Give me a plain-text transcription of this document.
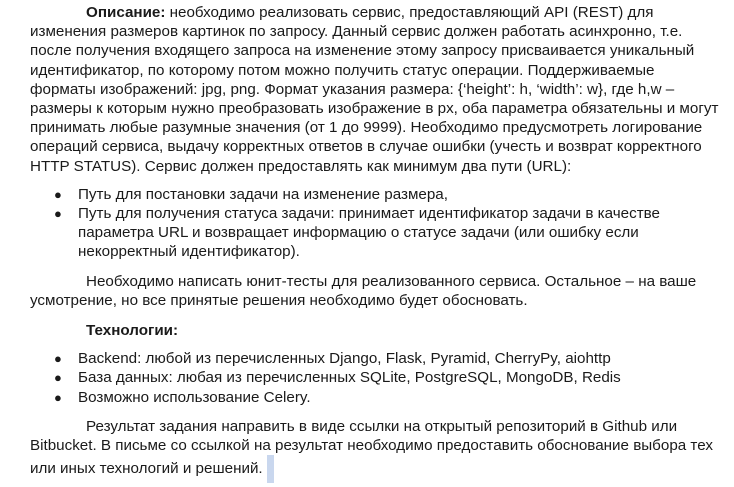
Описание: необходимо реализовать сервис, предоставляющий API (REST) для изменения размеров картинок по запросу. Данный сервис должен работать асинхронно, т.е. после получения входящего запроса на изменение этому запросу присваивается уникальный идентификатор, по которому потом можно получить статус операции. Поддерживаемые форматы изображений: jpg, png. Формат указания размера: {‘height’: h, ‘width’: w}, где h,w – размеры к которым нужно преобразовать изображение в px, оба параметра обязательны и могут принимать любые разумные значения (от 1 до 9999). Необходимо предусмотреть логирование операций сервиса, выдачу корректных ответов в случае ошибки (учесть и возврат корректного HTTP STATUS). Сервис должен предоставлять как минимум два пути (URL):

● Путь для постановки задачи на изменение размера,
● Путь для получения статуса задачи: принимает идентификатор задачи в качестве параметра URL и возвращает информацию о статусе задачи (или ошибку если некорректный идентификатор).

Необходимо написать юнит-тесты для реализованного сервиса. Остальное – на ваше усмотрение, но все принятые решения необходимо будет обосновать.

Технологии:

● Backend: любой из перечисленных Django, Flask, Pyramid, CherryPy, aiohttp
● База данных: любая из перечисленных SQLite, PostgreSQL, MongoDB, Redis
● Возможно использование Celery.

Результат задания направить в виде ссылки на открытый репозиторий в Github или Bitbucket. В письме со ссылкой на результат необходимо предоставить обоснование выбора тех или иных технологий и решений.
